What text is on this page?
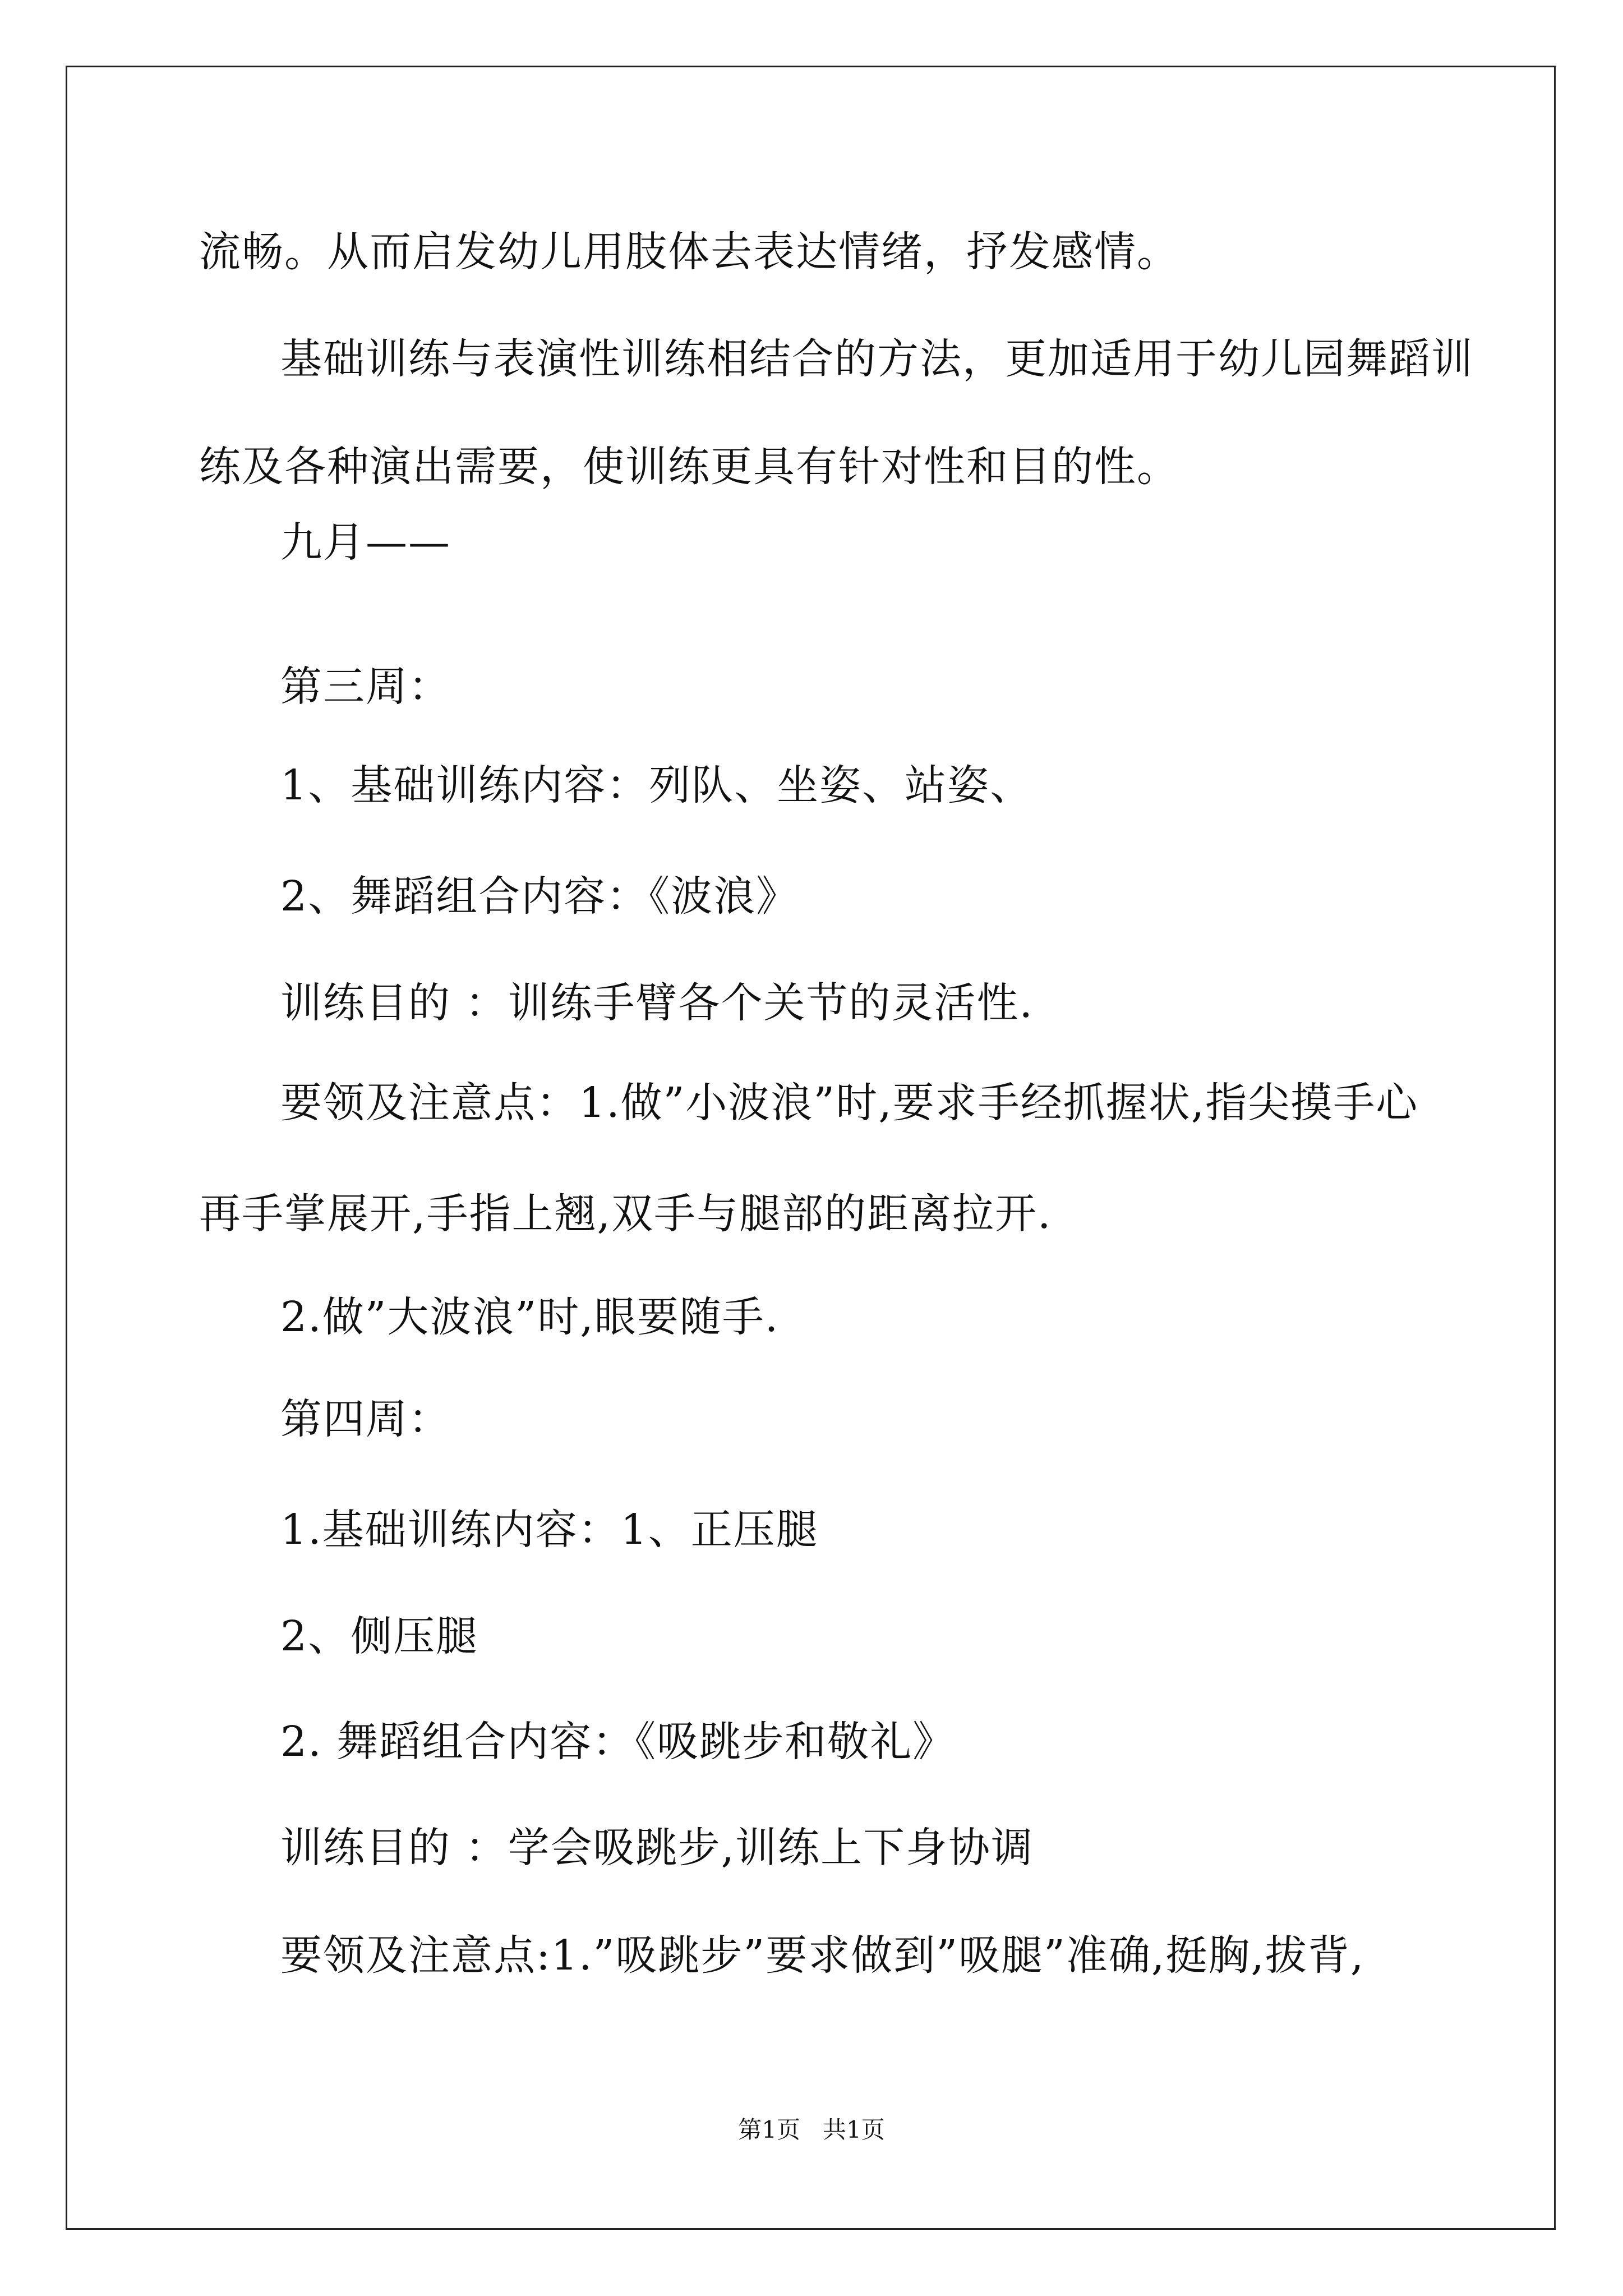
流畅。从而启发幼儿用肢体去表达情绪，抒发感情。
基础训练与表演性训练相结合的方法，更加适用于幼儿园舞蹈训
练及各种演出需要，使训练更具有针对性和目的性。
九月——
第三周：
1、基础训练内容：列队、坐姿、站姿、
2、舞蹈组合内容：《波浪》
训练目的 ：训练手臂各个关节的灵活性.
要领及注意点：1.做”小波浪”时,要求手经抓握状,指尖摸手心
再手掌展开,手指上翘,双手与腿部的距离拉开.
2.做”大波浪”时,眼要随手.
第四周：
1.基础训练内容：1、正压腿
2、侧压腿
2. 舞蹈组合内容：《吸跳步和敬礼》
训练目的 ：学会吸跳步,训练上下身协调
要领及注意点:1.”吸跳步”要求做到”吸腿”准确,挺胸,拔背,
第1页   共1页
